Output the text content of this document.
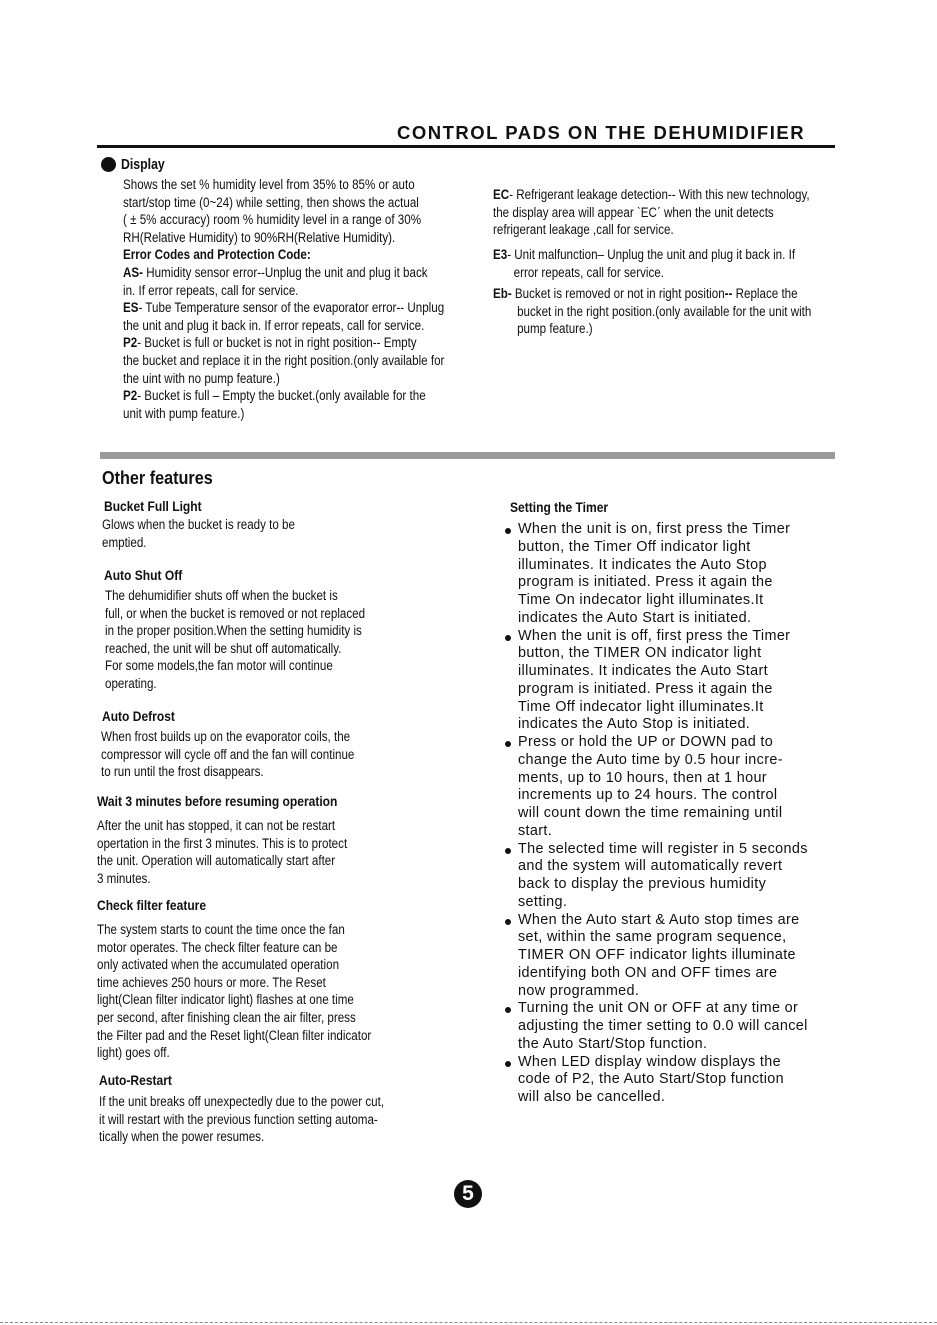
CONTROL PADS ON THE DEHUMIDIFIER
Display
Shows the set % humidity level from 35% to 85% or auto
start/stop time (0~24) while setting, then shows the actual
( ± 5% accuracy) room % humidity level in a range of 30%
RH(Relative Humidity) to 90%RH(Relative Humidity).
Error Codes and Protection Code:
AS- Humidity sensor error--Unplug the unit and plug it back
in. If error repeats, call for service.
ES- Tube Temperature sensor of the evaporator error-- Unplug
the unit and plug it back in. If error repeats, call for service.
P2- Bucket is full or bucket is not in right position-- Empty
the bucket and replace it in the right position.(only available for
the uint with no pump feature.)
P2- Bucket is full – Empty the bucket.(only available for the
unit with pump feature.)
EC- Refrigerant leakage detection-- With this new technology,
the display area will appear ˋECˊ when the unit detects
refrigerant leakage ,call for service.
E3- Unit malfunction– Unplug the unit and plug it back in. If
error repeats, call for service.
Eb- Bucket is removed or not in right position-- Replace the
bucket in the right position.(only available for the unit with
pump feature.)
Other features
Bucket Full Light
Glows when the bucket is ready to be
emptied.
Auto Shut Off
The dehumidifier shuts off when the bucket is
full, or when the bucket is removed or not replaced
in the proper position.When the setting humidity is
reached, the unit will be shut off automatically.
For some models,the fan motor will continue
operating.
Auto Defrost
When frost builds up on the evaporator coils, the
compressor will cycle off and the fan will continue
to run until the frost disappears.
Wait 3 minutes before resuming operation
After the unit has stopped, it can not be restart
opertation in the first 3 minutes. This is to protect
the unit. Operation will automatically start after
3 minutes.
Check filter feature
The system starts to count the time once the fan
motor operates. The check filter feature can be
only activated when the accumulated operation
time achieves 250 hours or more. The Reset
light(Clean filter indicator light) flashes at one time
per second, after finishing clean the air filter, press
the Filter pad and the Reset light(Clean filter indicator
light) goes off.
Auto-Restart
If the unit breaks off unexpectedly due to the power cut,
it will restart with the previous function setting automa-
tically when the power resumes.
Setting the Timer
When the unit is on, first press the Timer
button, the Timer Off indicator light
illuminates. It indicates the Auto Stop
program is initiated. Press it again the
Time On indecator light illuminates.It
indicates the Auto Start is initiated.
When the unit is off, first press the Timer
button, the TIMER ON indicator light
illuminates. It indicates the Auto Start
program is initiated. Press it again the
Time Off indecator light illuminates.It
indicates the Auto Stop is initiated.
Press or hold the UP or DOWN pad to
change the Auto time by 0.5 hour incre-
ments, up to 10 hours, then at 1 hour
increments up to 24 hours. The control
will count down the time remaining until
start.
The selected time will register in 5 seconds
and the system will automatically revert
back to display the previous humidity
setting.
When the Auto start & Auto stop times are
set, within the same program sequence,
TIMER ON OFF indicator lights illuminate
identifying both ON and OFF times are
now programmed.
Turning the unit ON or OFF at any time or
adjusting the timer setting to 0.0 will cancel
the Auto Start/Stop function.
When LED display window displays the
code of P2, the Auto Start/Stop function
will also be cancelled.
5
